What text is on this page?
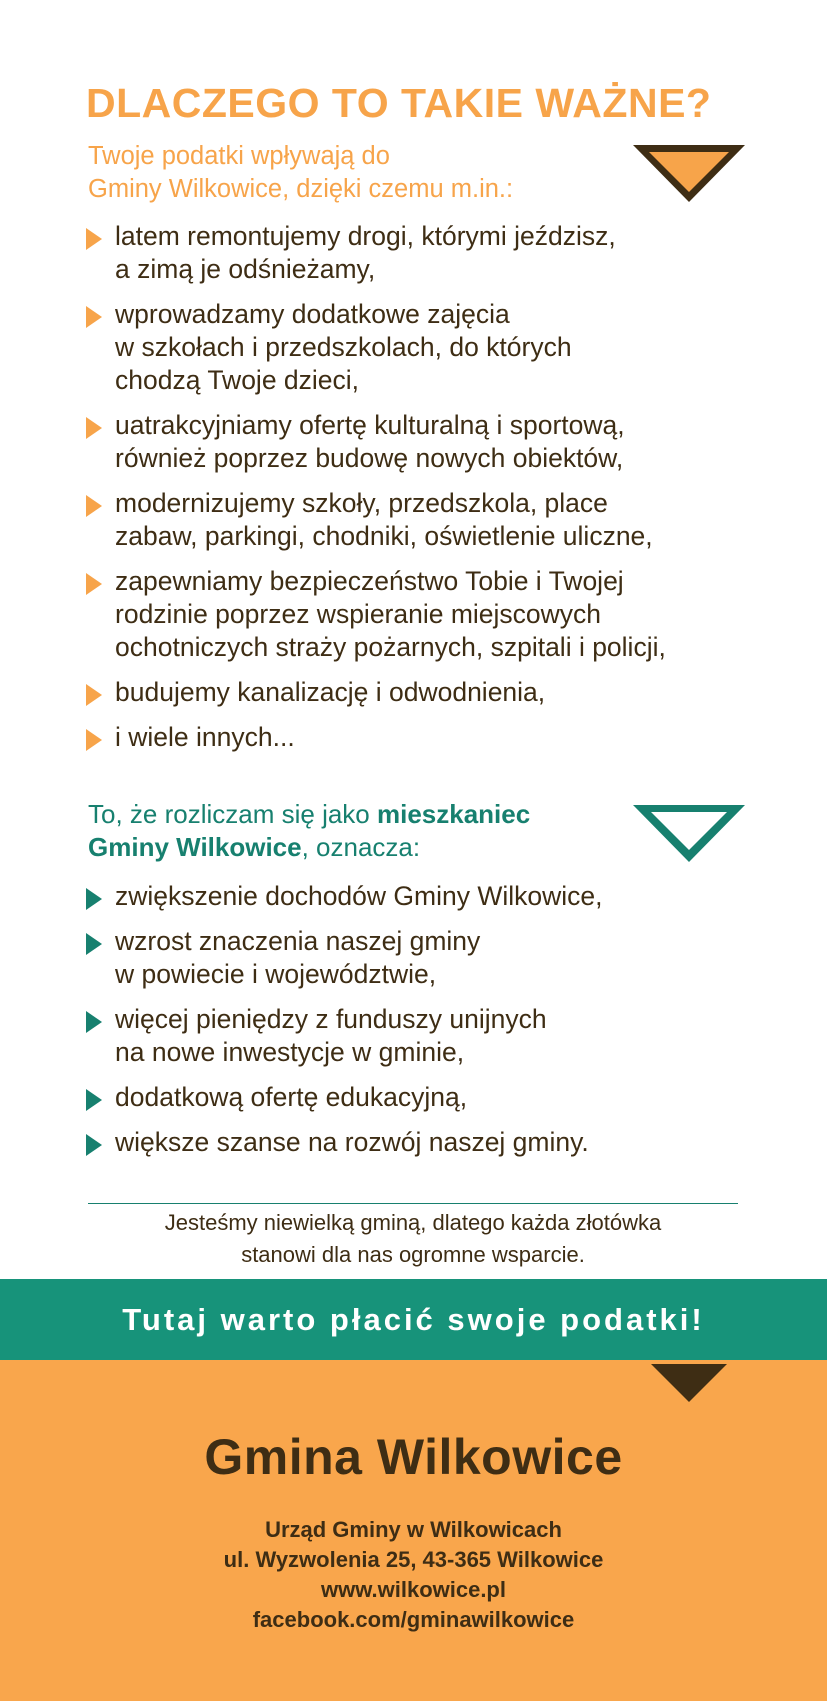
DLACZEGO TO TAKIE WAŻNE?
Twoje podatki wpływają do
Gminy Wilkowice, dzięki czemu m.in.:
latem remontujemy drogi, którymi jeździsz,
a zimą je odśnieżamy,
wprowadzamy dodatkowe zajęcia
w szkołach i przedszkolach, do których
chodzą Twoje dzieci,
uatrakcyjniamy ofertę kulturalną i sportową,
również poprzez budowę nowych obiektów,
modernizujemy szkoły, przedszkola, place
zabaw, parkingi, chodniki, oświetlenie uliczne,
zapewniamy bezpieczeństwo Tobie i Twojej
rodzinie poprzez wspieranie miejscowych
ochotniczych straży pożarnych, szpitali i policji,
budujemy kanalizację i odwodnienia,
i wiele innych...
To, że rozliczam się jako mieszkaniec
Gminy Wilkowice, oznacza:
zwiększenie dochodów Gminy Wilkowice,
wzrost znaczenia naszej gminy
w powiecie i województwie,
więcej pieniędzy z funduszy unijnych
na nowe inwestycje w gminie,
dodatkową ofertę edukacyjną,
większe szanse na rozwój naszej gminy.
Jesteśmy niewielką gminą, dlatego każda złotówka
stanowi dla nas ogromne wsparcie.
Tutaj warto płacić swoje podatki!
Gmina Wilkowice
Urząd Gminy w Wilkowicach
ul. Wyzwolenia 25, 43-365 Wilkowice
www.wilkowice.pl
facebook.com/gminawilkowice
